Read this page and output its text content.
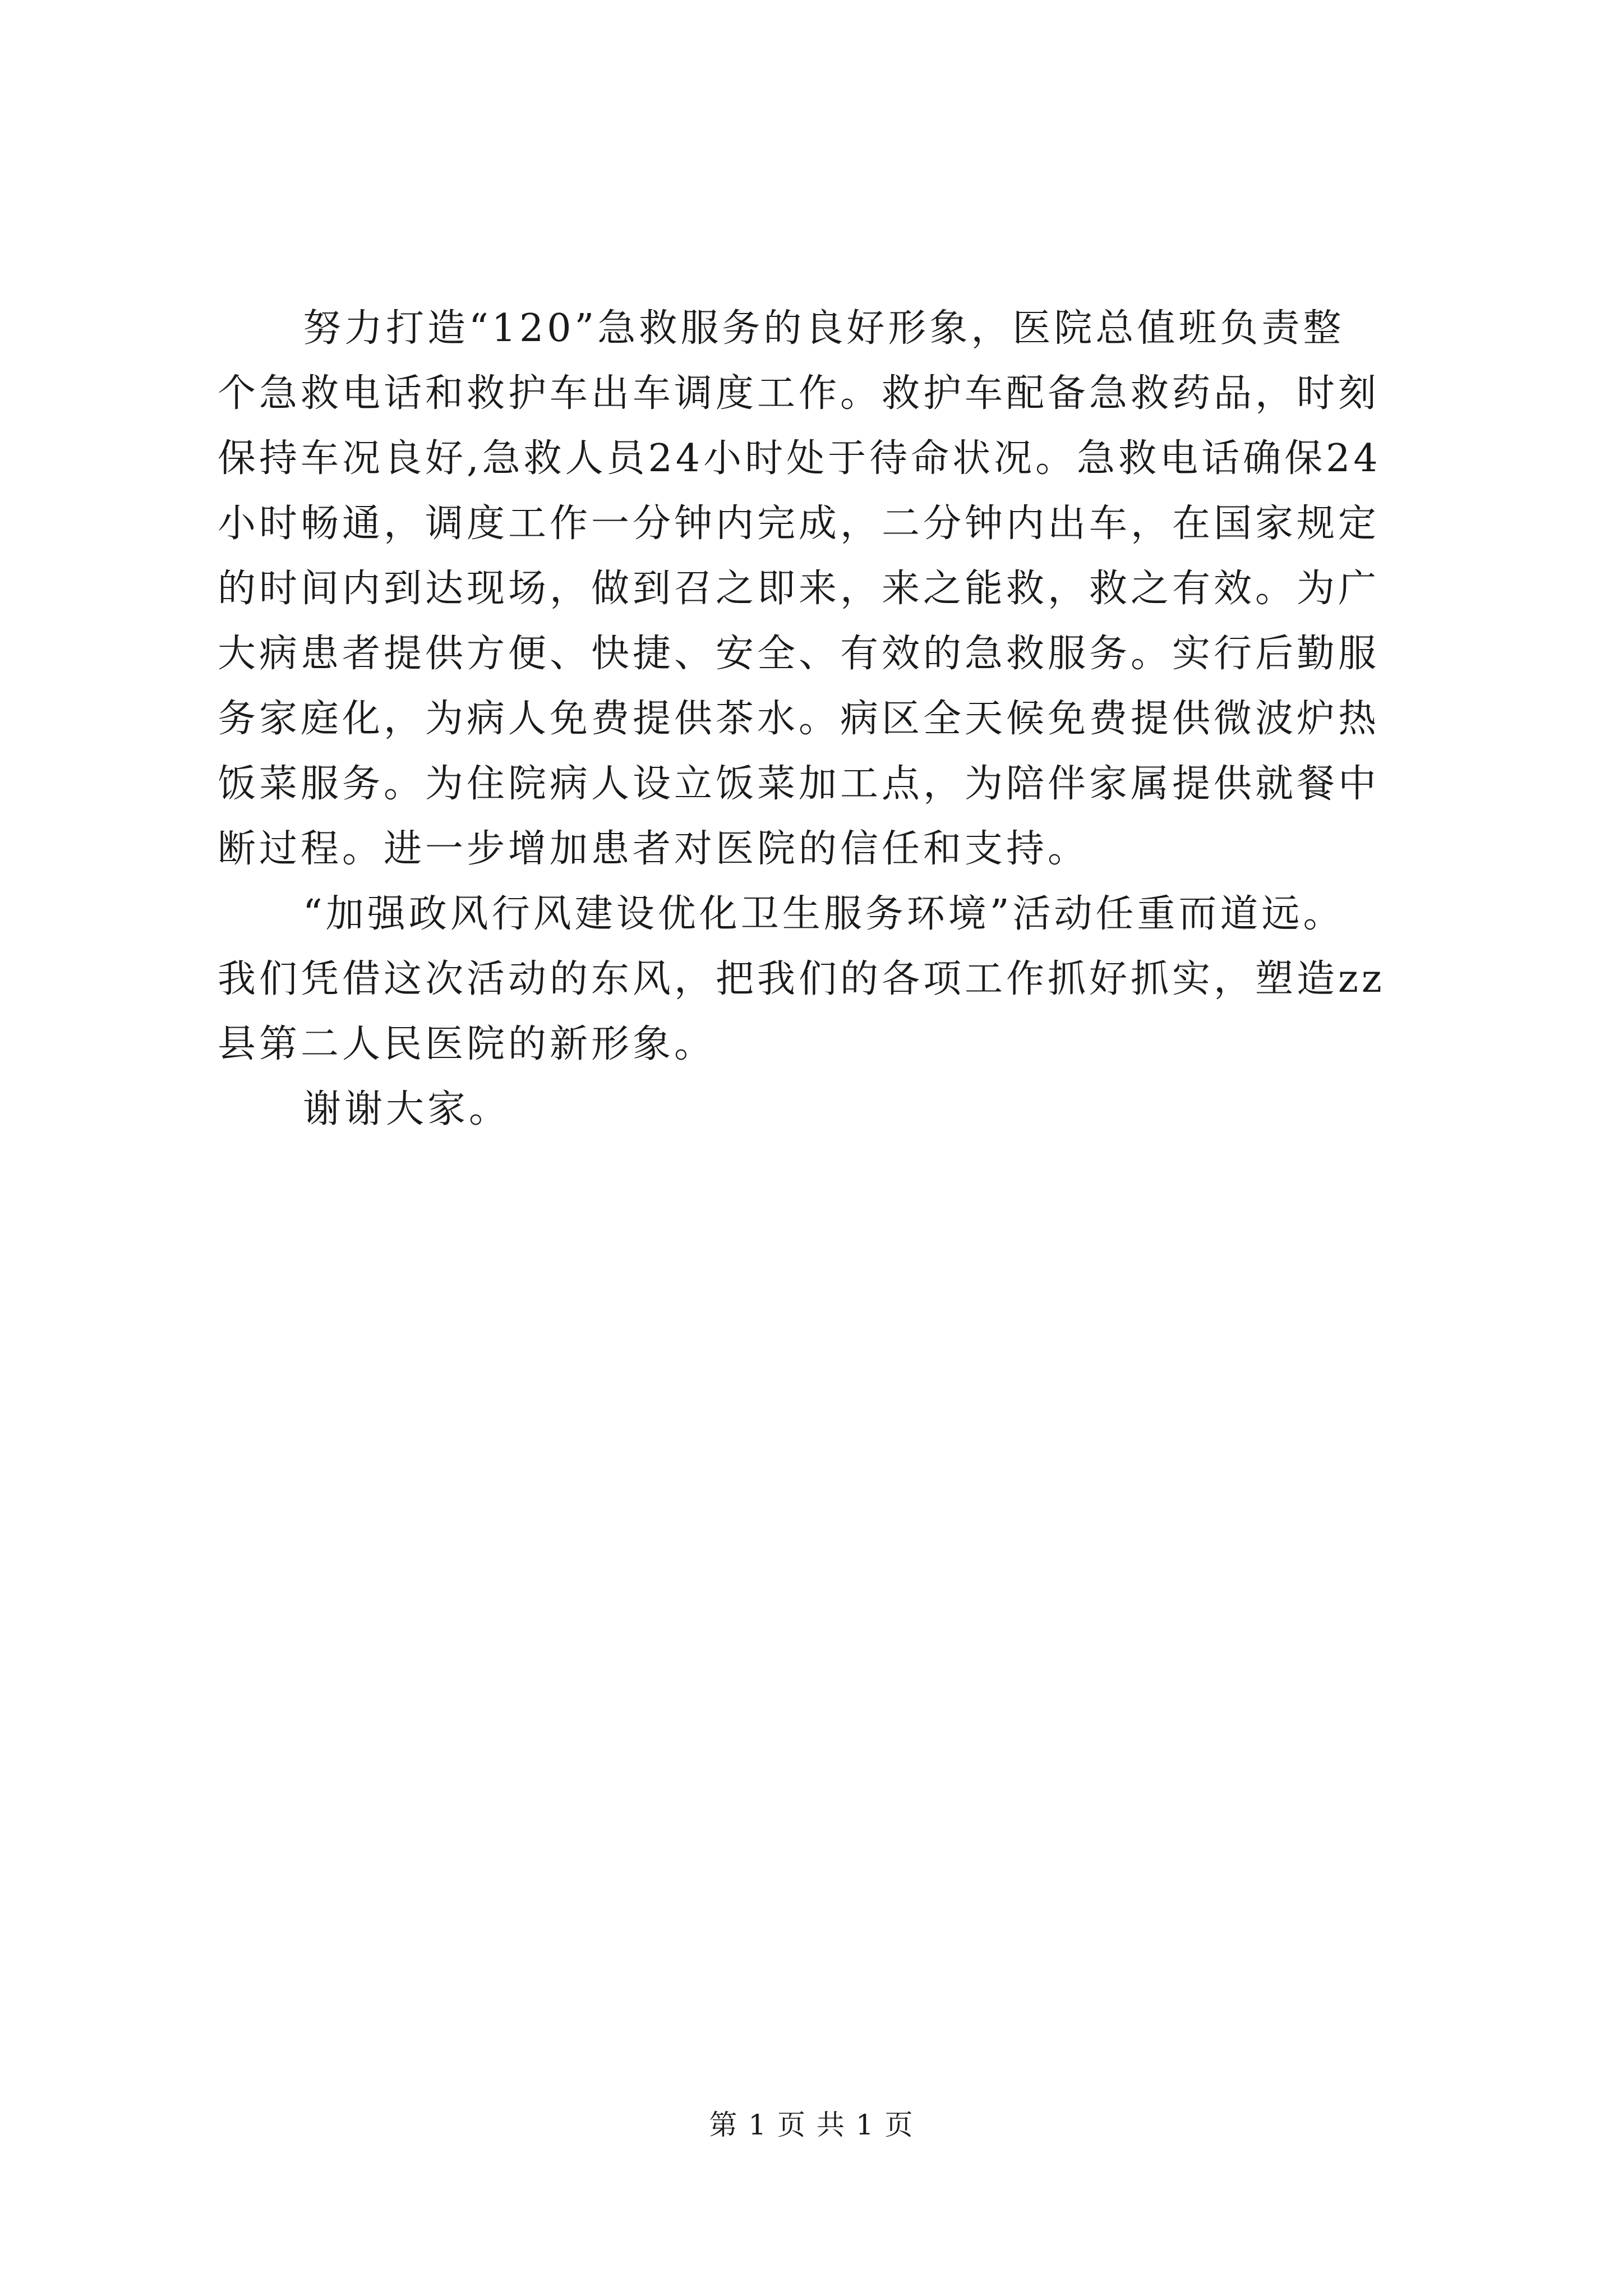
努力打造“120”急救服务的良好形象，医院总值班负责整
个急救电话和救护车出车调度工作。救护车配备急救药品，时刻
保持车况良好,急救人员24小时处于待命状况。急救电话确保24
小时畅通，调度工作一分钟内完成，二分钟内出车，在国家规定
的时间内到达现场，做到召之即来，来之能救，救之有效。为广
大病患者提供方便、快捷、安全、有效的急救服务。实行后勤服
务家庭化，为病人免费提供茶水。病区全天候免费提供微波炉热
饭菜服务。为住院病人设立饭菜加工点，为陪伴家属提供就餐中
断过程。进一步增加患者对医院的信任和支持。
“加强政风行风建设优化卫生服务环境”活动任重而道远。
我们凭借这次活动的东风，把我们的各项工作抓好抓实，塑造zz
县第二人民医院的新形象。
谢谢大家。
第 1 页 共 1 页
